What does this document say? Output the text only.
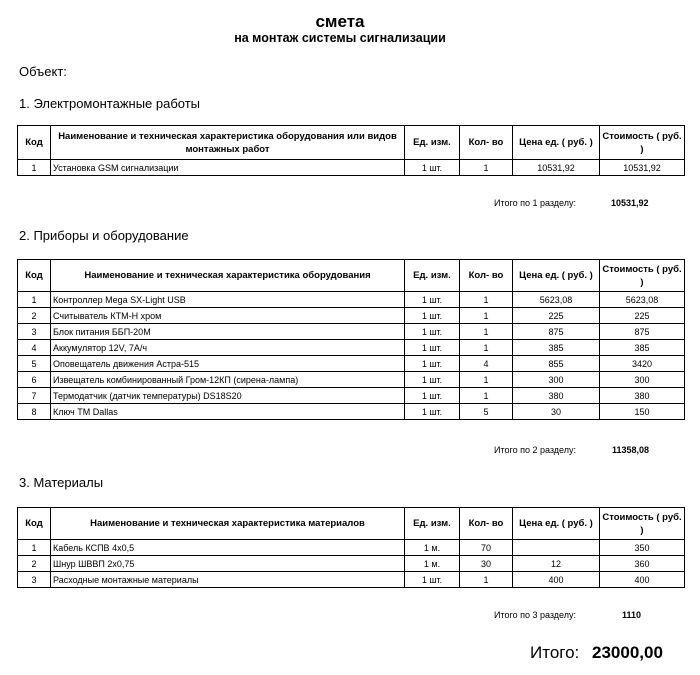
смета
на монтаж системы сигнализации
Объект:
1. Электромонтажные работы
Код	Наименование и техническая характеристика оборудования или видов монтажных работ	Ед. изм.	Кол- во	Цена ед. ( руб. )	Стоимость ( руб. )
1	Установка GSM сигнализации	1 шт.	1	10531,92	10531,92
Итого по 1 разделу:	10531,92
2. Приборы и оборудование
Код	Наименование и техническая характеристика оборудования	Ед. изм.	Кол- во	Цена ед. ( руб. )	Стоимость ( руб. )
1	Контроллер Mega SX-Light USB	1 шт.	1	5623,08	5623,08
2	Считыватель КТМ-Н хром	1 шт.	1	225	225
3	Блок питания ББП-20М	1 шт.	1	875	875
4	Аккумулятор 12V, 7А/ч	1 шт.	1	385	385
5	Оповещатель движения Астра-515	1 шт.	4	855	3420
6	Извещатель комбинированный Гром-12КП (сирена-лампа)	1 шт.	1	300	300
7	Термодатчик (датчик температуры) DS18S20	1 шт.	1	380	380
8	Ключ ТМ Dallas	1 шт.	5	30	150
Итого по 2 разделу:	11358,08
3. Материалы
Код	Наименование и техническая характеристика материалов	Ед. изм.	Кол- во	Цена ед. ( руб. )	Стоимость ( руб. )
1	Кабель КСПВ 4х0,5	1 м.	70		350
2	Шнур ШВВП 2х0,75	1 м.	30	12	360
3	Расходные монтажные материалы	1 шт.	1	400	400
Итого по 3 разделу:	1110
Итого: 23000,00
